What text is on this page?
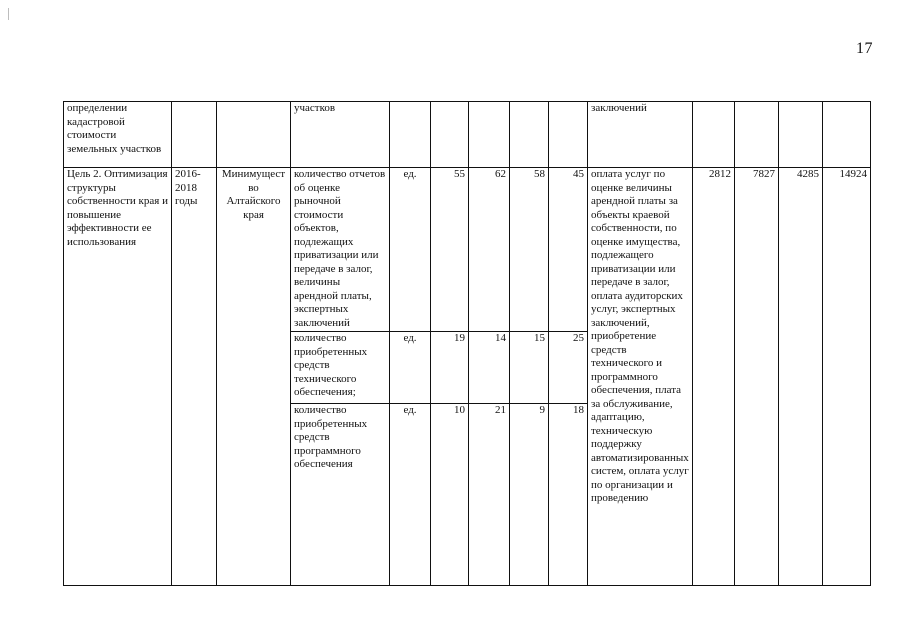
17
определении кадастровой стоимости земельных участков			участков						заключений				
Цель 2. Оптимизация структуры собственности края и повышение эффективности ее использования	2016-2018 годы	Минимущество Алтайского края	количество отчетов об оценке рыночной стоимости объектов, подлежащих приватизации или передаче в залог, величины арендной платы, экспертных заключений	ед.	55	62	58	45	оплата услуг по оценке величины арендной платы за объекты краевой собственности, по оценке имущества, подлежащего приватизации или передаче в залог, оплата аудиторских услуг, экспертных заключений, приобретение средств технического и программного обеспечения, плата за обслуживание, адаптацию, техническую поддержку автоматизированных систем, оплата услуг по организации и проведению	2812	7827	4285	14924
			количество приобретенных средств технического обеспечения;	ед.	19	14	15	25					
			количество приобретенных средств программного обеспечения	ед.	10	21	9	18					
